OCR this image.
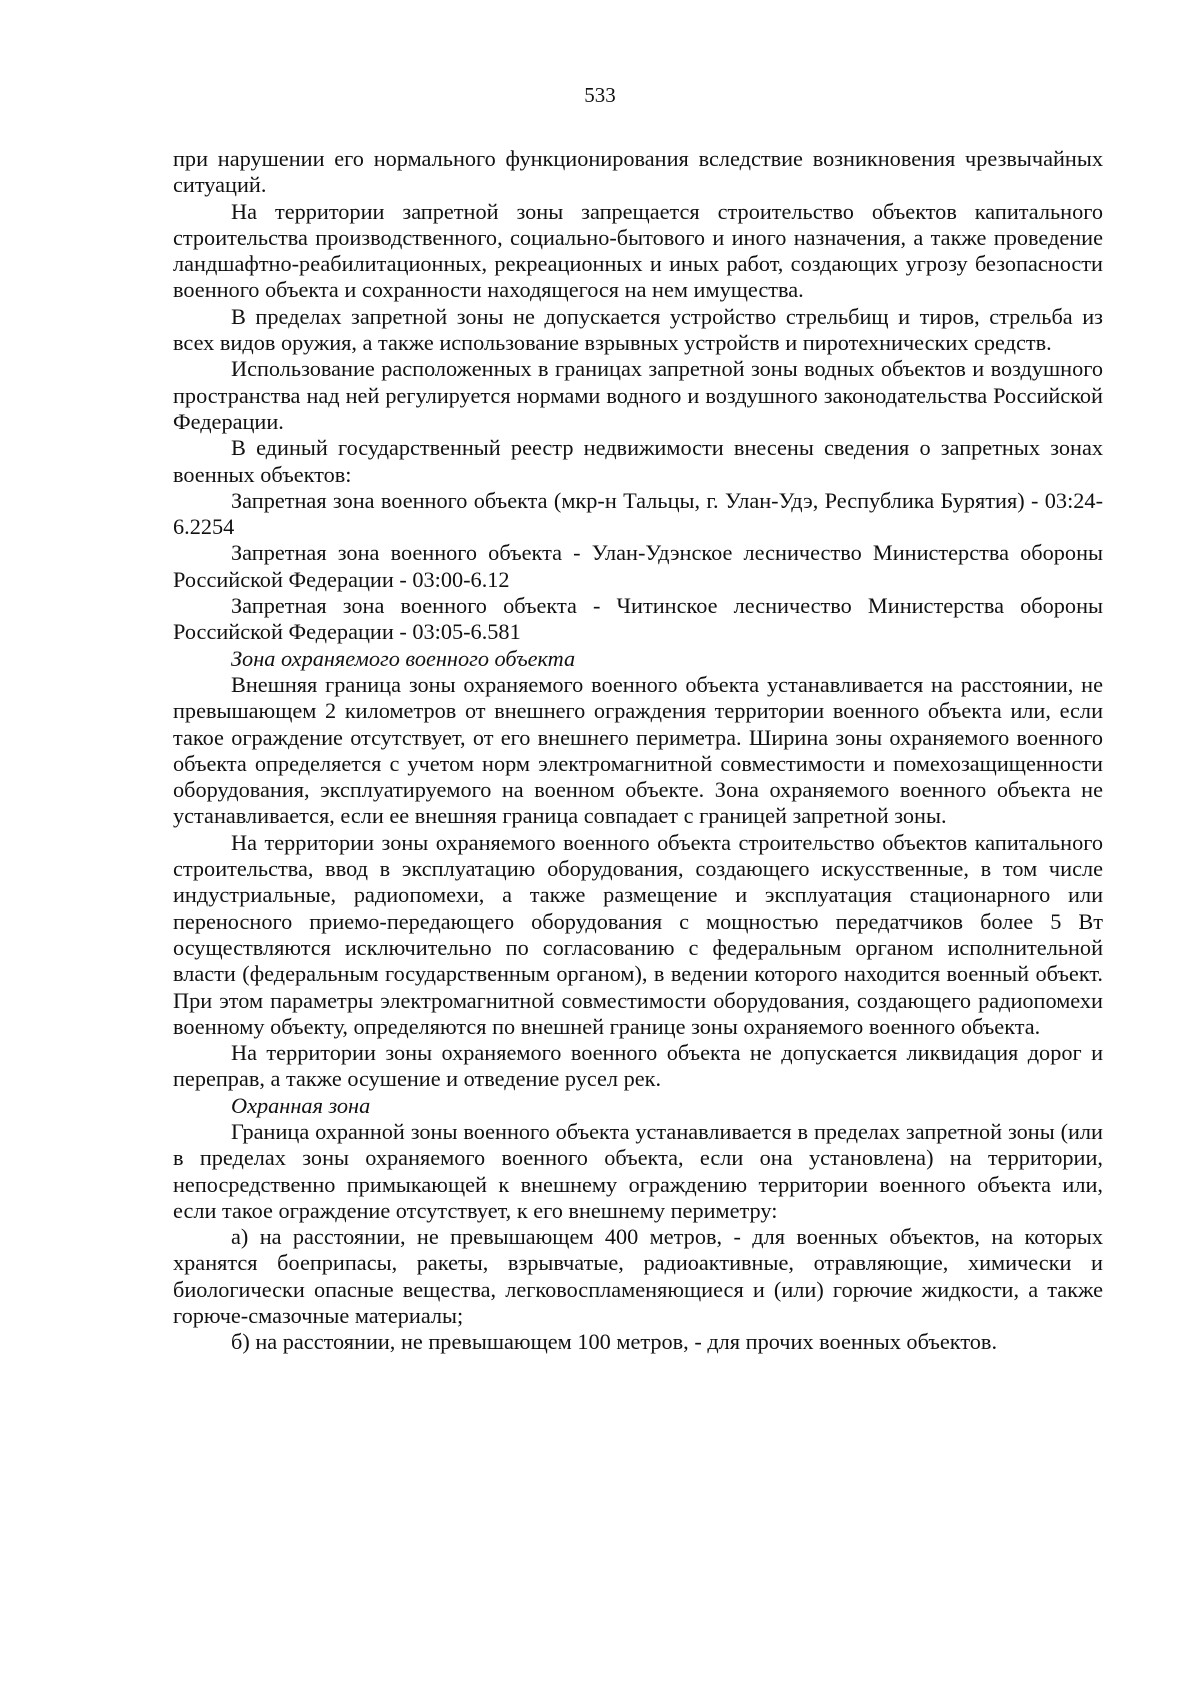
533

при нарушении его нормального функционирования вследствие возникновения чрезвычайных ситуаций.

На территории запретной зоны запрещается строительство объектов капитального строительства производственного, социально-бытового и иного назначения, а также проведение ландшафтно-реабилитационных, рекреационных и иных работ, создающих угрозу безопасности военного объекта и сохранности находящегося на нем имущества.

В пределах запретной зоны не допускается устройство стрельбищ и тиров, стрельба из всех видов оружия, а также использование взрывных устройств и пиротехнических средств.

Использование расположенных в границах запретной зоны водных объектов и воздушного пространства над ней регулируется нормами водного и воздушного законодательства Российской Федерации.

В единый государственный реестр недвижимости внесены сведения о запретных зонах военных объектов:

Запретная зона военного объекта (мкр-н Тальцы, г. Улан-Удэ, Республика Бурятия) - 03:24-6.2254

Запретная зона военного объекта - Улан-Удэнское лесничество Министерства обороны Российской Федерации - 03:00-6.12

Запретная зона военного объекта - Читинское лесничество Министерства обороны Российской Федерации - 03:05-6.581

Зона охраняемого военного объекта

Внешняя граница зоны охраняемого военного объекта устанавливается на расстоянии, не превышающем 2 километров от внешнего ограждения территории военного объекта или, если такое ограждение отсутствует, от его внешнего периметра. Ширина зоны охраняемого военного объекта определяется с учетом норм электромагнитной совместимости и помехозащищенности оборудования, эксплуатируемого на военном объекте. Зона охраняемого военного объекта не устанавливается, если ее внешняя граница совпадает с границей запретной зоны.

На территории зоны охраняемого военного объекта строительство объектов капитального строительства, ввод в эксплуатацию оборудования, создающего искусственные, в том числе индустриальные, радиопомехи, а также размещение и эксплуатация стационарного или переносного приемо-передающего оборудования с мощностью передатчиков более 5 Вт осуществляются исключительно по согласованию с федеральным органом исполнительной власти (федеральным государственным органом), в ведении которого находится военный объект. При этом параметры электромагнитной совместимости оборудования, создающего радиопомехи военному объекту, определяются по внешней границе зоны охраняемого военного объекта.

На территории зоны охраняемого военного объекта не допускается ликвидация дорог и переправ, а также осушение и отведение русел рек.

Охранная зона

Граница охранной зоны военного объекта устанавливается в пределах запретной зоны (или в пределах зоны охраняемого военного объекта, если она установлена) на территории, непосредственно примыкающей к внешнему ограждению территории военного объекта или, если такое ограждение отсутствует, к его внешнему периметру:

а) на расстоянии, не превышающем 400 метров, - для военных объектов, на которых хранятся боеприпасы, ракеты, взрывчатые, радиоактивные, отравляющие, химически и биологически опасные вещества, легковоспламеняющиеся и (или) горючие жидкости, а также горюче-смазочные материалы;

б) на расстоянии, не превышающем 100 метров, - для прочих военных объектов.
